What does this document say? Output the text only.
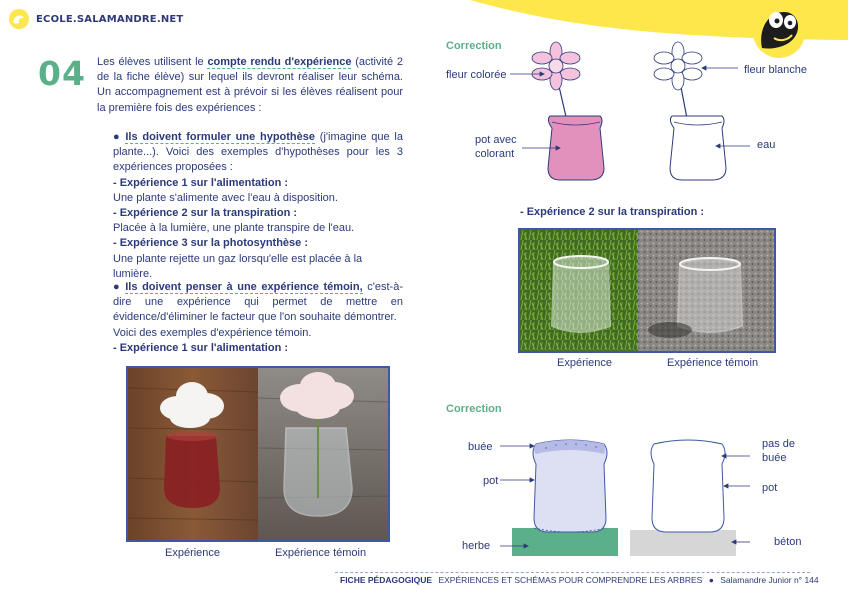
ECOLE.SALAMANDRE.NET
04 Les élèves utilisent le compte rendu d'expérience (activité 2 de la fiche élève) sur lequel ils devront réaliser leur schéma. Un accompagnement est à prévoir si les élèves réalisent pour la première fois des expériences :

● Ils doivent formuler une hypothèse (j'imagine que la plante...). Voici des exemples d'hypothèses pour les 3 expériences proposées :
- Expérience 1 sur l'alimentation :
Une plante s'alimente avec l'eau à disposition.
- Expérience 2 sur la transpiration :
Placée à la lumière, une plante transpire de l'eau.
- Expérience 3 sur la photosynthèse :
Une plante rejette un gaz lorsqu'elle est placée à la lumière.
● Ils doivent penser à une expérience témoin, c'est-à-dire une expérience qui permet de mettre en évidence/d'éliminer le facteur que l'on souhaite démontrer.
Voici des exemples d'expérience témoin.
- Expérience 1 sur l'alimentation :
Expérience	Expérience témoin
Correction
fleur colorée	fleur blanche
pot avec colorant
eau
- Expérience 2 sur la transpiration :
Expérience	Expérience témoin
Correction
buée
pot
herbe
pas de buée
pot
béton
FICHE PÉDAGOGIQUE EXPÉRIENCES ET SCHÉMAS POUR COMPRENDRE LES ARBRES ● Salamandre Junior n° 144
